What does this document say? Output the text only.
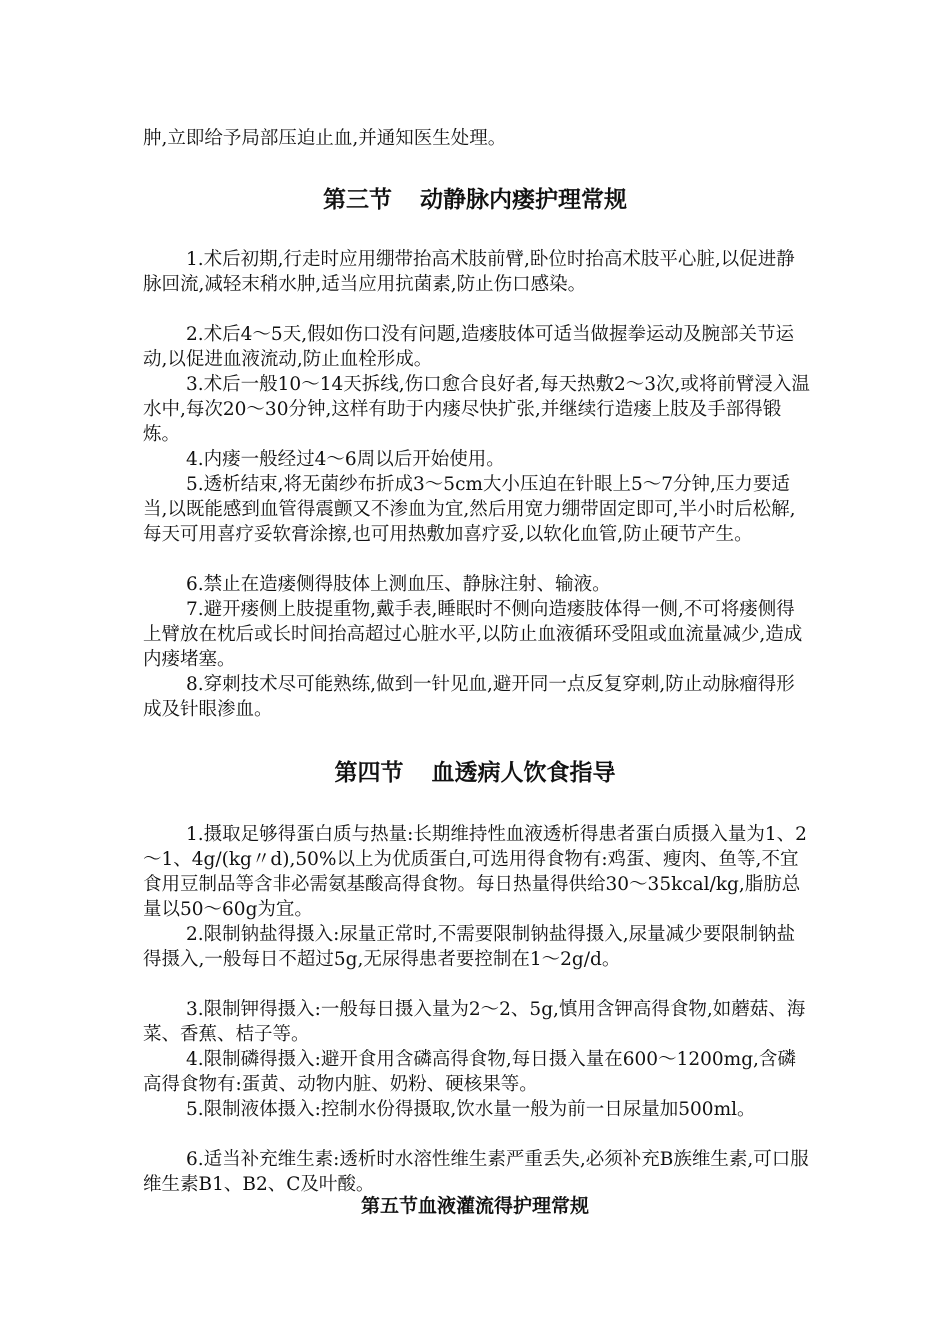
肿,立即给予局部压迫止血,并通知医生处理。

第三节 动静脉内瘘护理常规

1.术后初期,行走时应用绷带抬高术肢前臂,卧位时抬高术肢平心脏,以促进静脉回流,减轻末稍水肿,适当应用抗菌素,防止伤口感染。

2.术后4～5天,假如伤口没有问题,造瘘肢体可适当做握拳运动及腕部关节运动,以促进血液流动,防止血栓形成。

3.术后一般10～14天拆线,伤口愈合良好者,每天热敷2～3次,或将前臂浸入温水中,每次20～30分钟,这样有助于内瘘尽快扩张,并继续行造瘘上肢及手部得锻炼。

4.内瘘一般经过4～6周以后开始使用。

5.透析结束,将无菌纱布折成3～5cm大小压迫在针眼上5～7分钟,压力要适当,以既能感到血管得震颤又不渗血为宜,然后用宽力绷带固定即可,半小时后松解,每天可用喜疗妥软膏涂擦,也可用热敷加喜疗妥,以软化血管,防止硬节产生。

6.禁止在造瘘侧得肢体上测血压、静脉注射、输液。

7.避开瘘侧上肢提重物,戴手表,睡眠时不侧向造瘘肢体得一侧,不可将瘘侧得上臂放在枕后或长时间抬高超过心脏水平,以防止血液循环受阻或血流量减少,造成内瘘堵塞。

8.穿刺技术尽可能熟练,做到一针见血,避开同一点反复穿刺,防止动脉瘤得形成及针眼渗血。

第四节 血透病人饮食指导

1.摄取足够得蛋白质与热量:长期维持性血液透析得患者蛋白质摄入量为1、2～1、4g/(kg〃d),50%以上为优质蛋白,可选用得食物有:鸡蛋、瘦肉、鱼等,不宜食用豆制品等含非必需氨基酸高得食物。每日热量得供给30～35kcal/kg,脂肪总量以50～60g为宜。

2.限制钠盐得摄入:尿量正常时,不需要限制钠盐得摄入,尿量减少要限制钠盐得摄入,一般每日不超过5g,无尿得患者要控制在1～2g/d。

3.限制钾得摄入:一般每日摄入量为2～2、5g,慎用含钾高得食物,如蘑菇、海菜、香蕉、桔子等。

4.限制磷得摄入:避开食用含磷高得食物,每日摄入量在600～1200mg,含磷高得食物有:蛋黄、动物内脏、奶粉、硬核果等。

5.限制液体摄入:控制水份得摄取,饮水量一般为前一日尿量加500ml。

6.适当补充维生素:透析时水溶性维生素严重丢失,必须补充B族维生素,可口服维生素B1、B2、C及叶酸。

第五节血液灌流得护理常规
